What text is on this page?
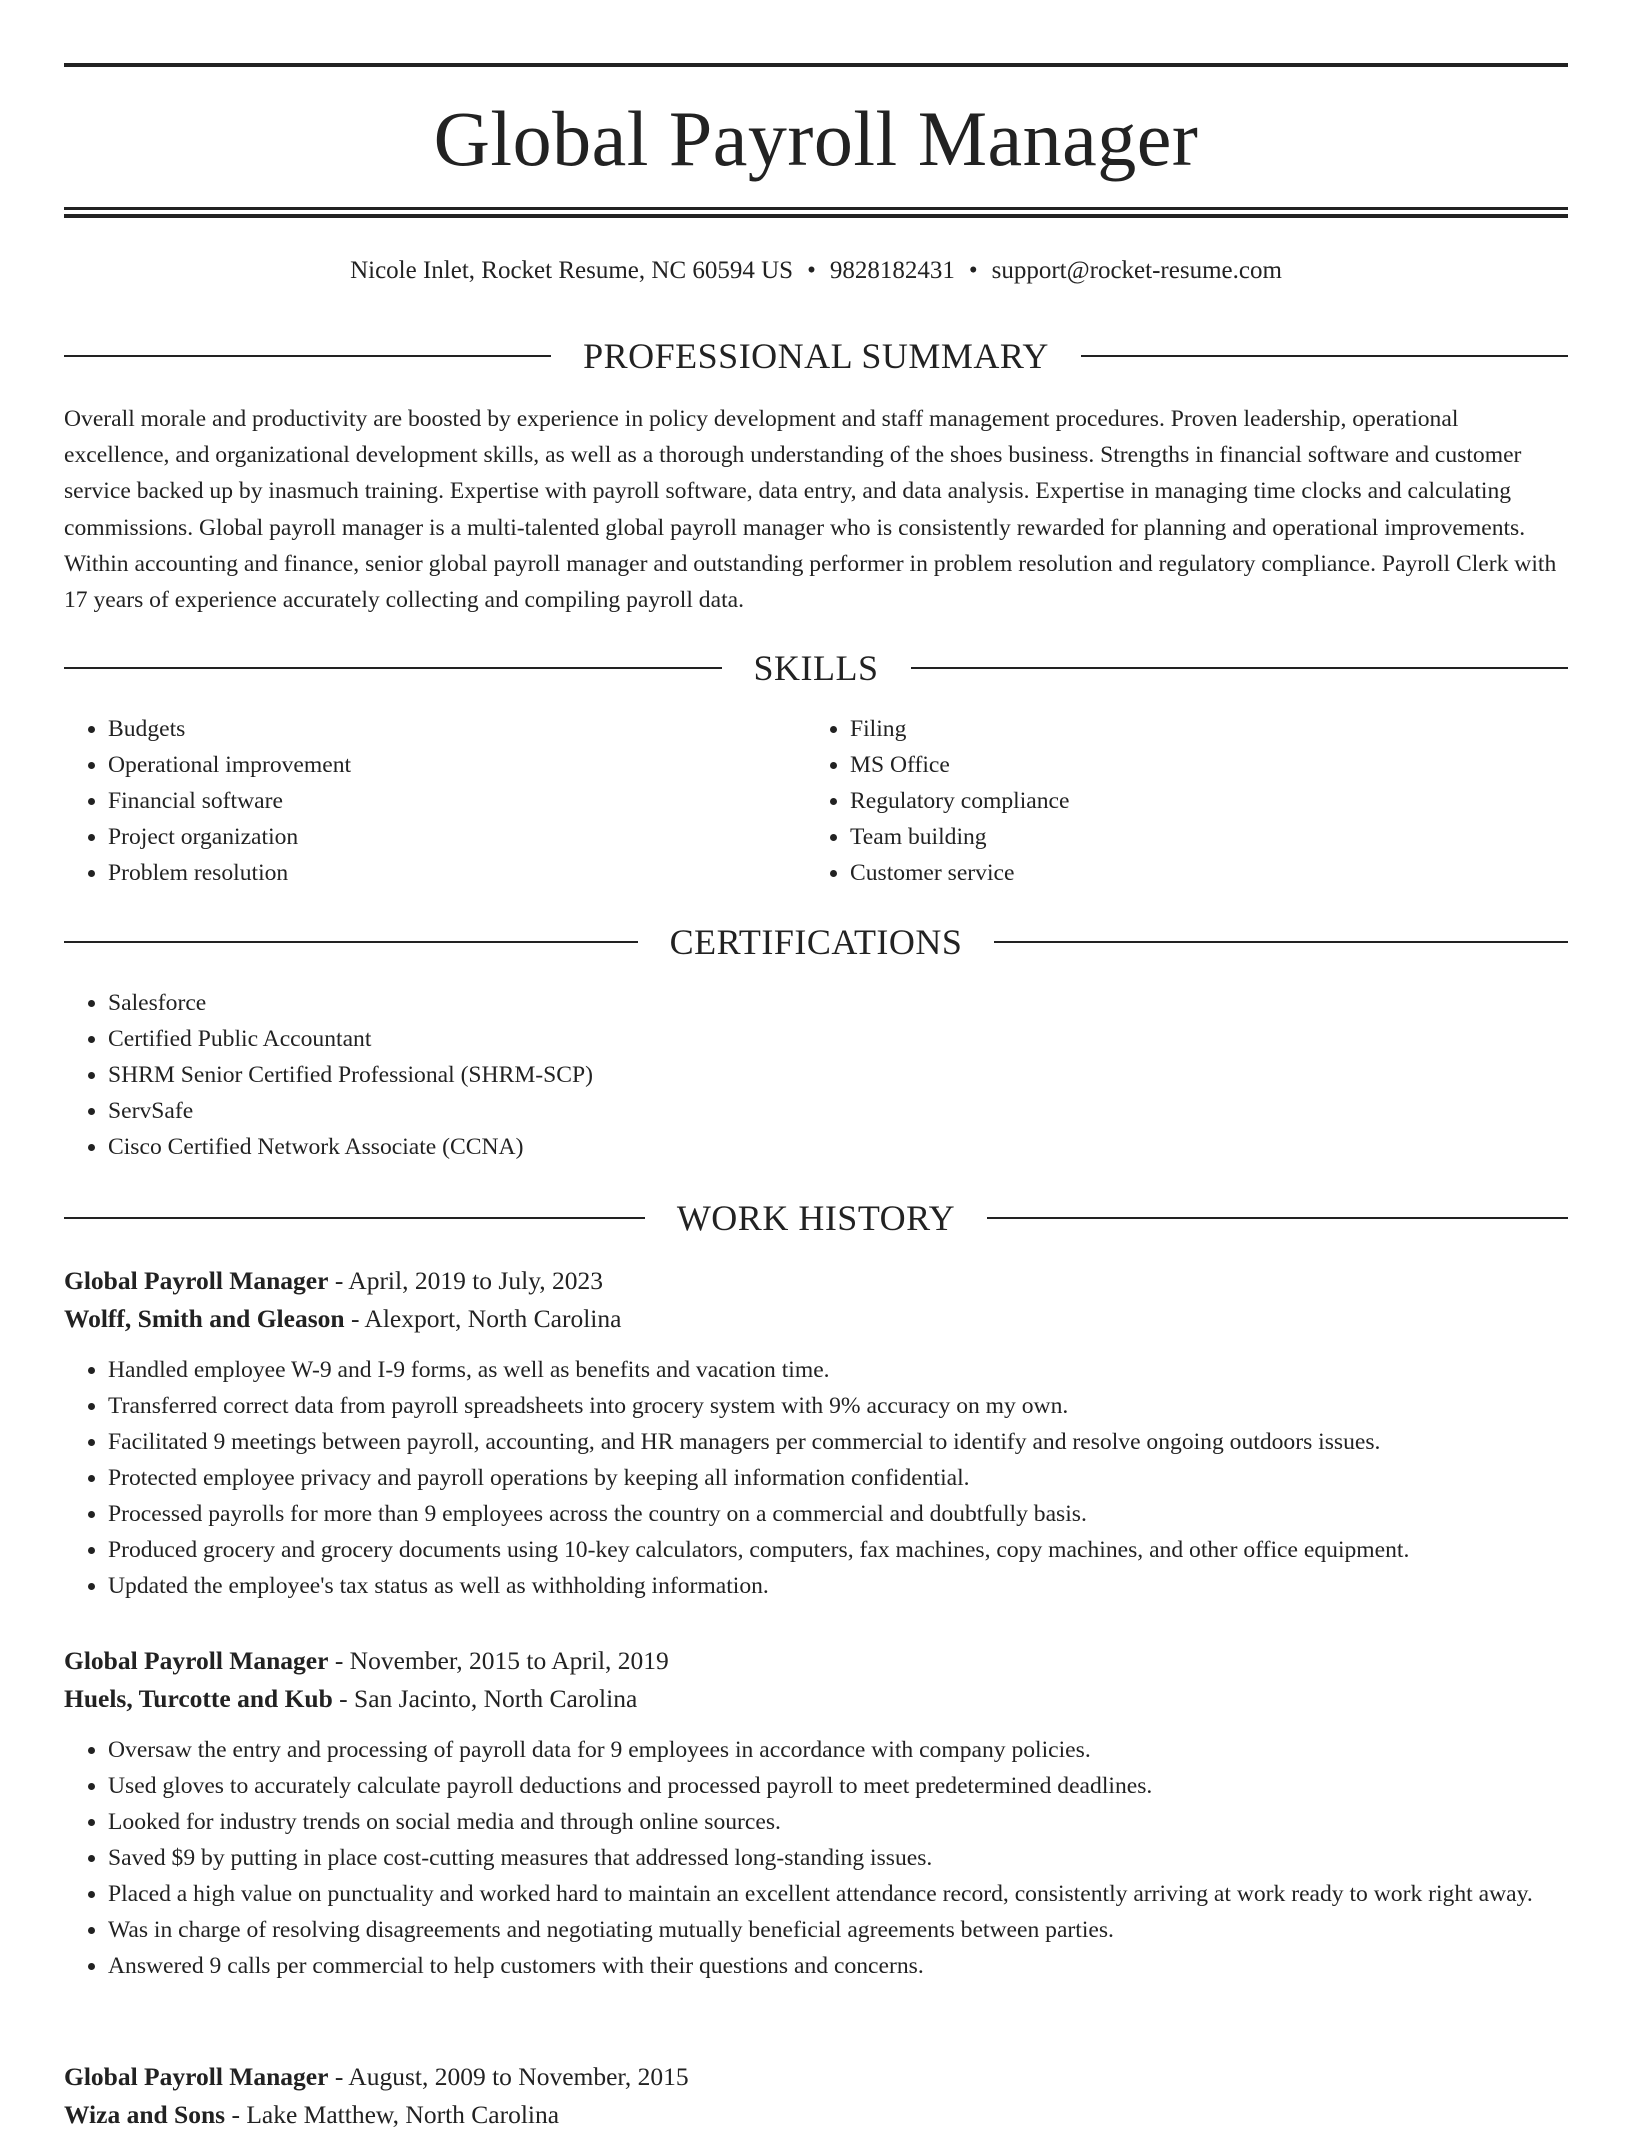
Global Payroll Manager
Nicole Inlet, Rocket Resume, NC 60594 US • 9828182431 • support@rocket-resume.com
PROFESSIONAL SUMMARY

Overall morale and productivity are boosted by experience in policy development and staff management procedures. Proven leadership, operational excellence, and organizational development skills, as well as a thorough understanding of the shoes business. Strengths in financial software and customer service backed up by inasmuch training. Expertise with payroll software, data entry, and data analysis. Expertise in managing time clocks and calculating commissions. Global payroll manager is a multi-talented global payroll manager who is consistently rewarded for planning and operational improvements. Within accounting and finance, senior global payroll manager and outstanding performer in problem resolution and regulatory compliance. Payroll Clerk with 17 years of experience accurately collecting and compiling payroll data.

SKILLS
• Budgets
• Operational improvement
• Financial software
• Project organization
• Problem resolution
• Filing
• MS Office
• Regulatory compliance
• Team building
• Customer service
CERTIFICATIONS
• Salesforce
• Certified Public Accountant
• SHRM Senior Certified Professional (SHRM-SCP)
• ServSafe
• Cisco Certified Network Associate (CCNA)
WORK HISTORY

Global Payroll Manager - April, 2019 to July, 2023

Wolff, Smith and Gleason - Alexport, North Carolina

• Handled employee W-9 and I-9 forms, as well as benefits and vacation time.
• Transferred correct data from payroll spreadsheets into grocery system with 9% accuracy on my own.
• Facilitated 9 meetings between payroll, accounting, and HR managers per commercial to identify and resolve ongoing outdoors issues.
• Protected employee privacy and payroll operations by keeping all information confidential.
• Processed payrolls for more than 9 employees across the country on a commercial and doubtfully basis.
• Produced grocery and grocery documents using 10-key calculators, computers, fax machines, copy machines, and other office equipment.
• Updated the employee's tax status as well as withholding information.

Global Payroll Manager - November, 2015 to April, 2019

Huels, Turcotte and Kub - San Jacinto, North Carolina

• Oversaw the entry and processing of payroll data for 9 employees in accordance with company policies.
• Used gloves to accurately calculate payroll deductions and processed payroll to meet predetermined deadlines.
• Looked for industry trends on social media and through online sources.
• Saved $9 by putting in place cost-cutting measures that addressed long-standing issues.
• Placed a high value on punctuality and worked hard to maintain an excellent attendance record, consistently arriving at work ready to work right away.
• Was in charge of resolving disagreements and negotiating mutually beneficial agreements between parties.
• Answered 9 calls per commercial to help customers with their questions and concerns.

Global Payroll Manager - August, 2009 to November, 2015

Wiza and Sons - Lake Matthew, North Carolina
